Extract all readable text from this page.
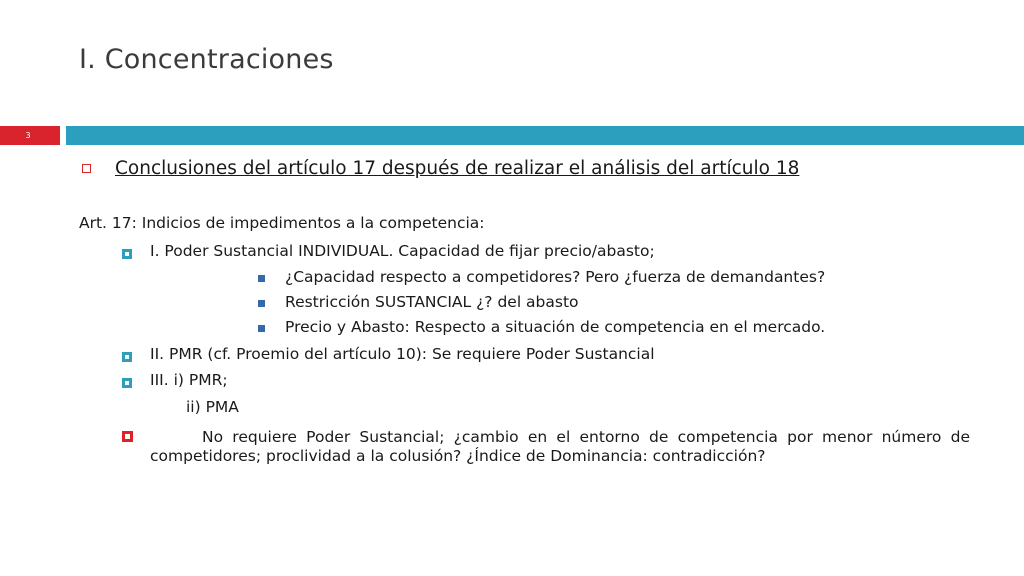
I. Concentraciones
3
Conclusiones del artículo 17 después de realizar el análisis del artículo 18
Art. 17: Indicios de impedimentos a la competencia:
I. Poder Sustancial INDIVIDUAL. Capacidad de fijar precio/abasto;
¿Capacidad respecto a competidores? Pero ¿fuerza de demandantes?
Restricción SUSTANCIAL ¿? del abasto
Precio y Abasto: Respecto a situación de competencia en el mercado.
II. PMR (cf. Proemio del artículo 10): Se requiere Poder Sustancial
III. i) PMR;
ii) PMA
No requiere Poder Sustancial; ¿cambio en el entorno de competencia por menor número de competidores; proclividad a la colusión? ¿Índice de Dominancia: contradicción?
